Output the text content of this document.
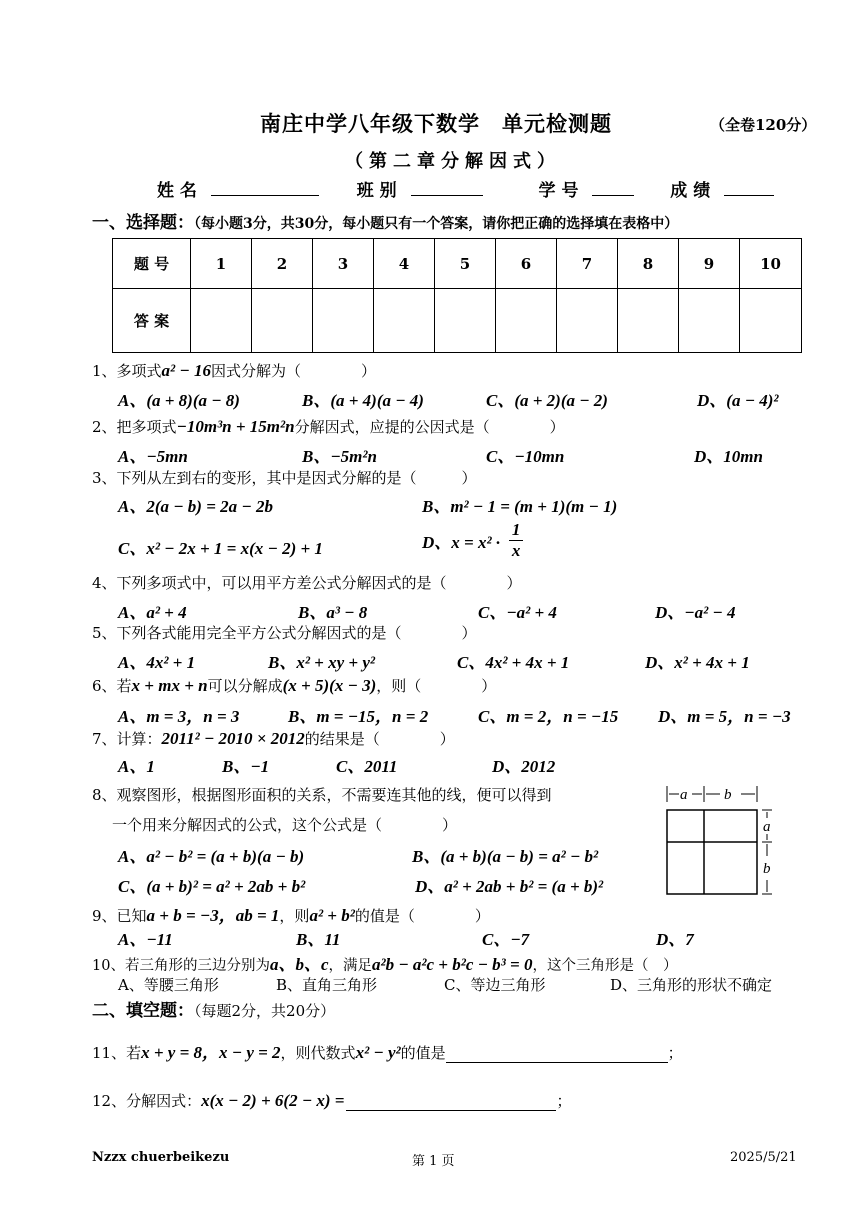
南庄中学八年级下数学　单元检测题	（全卷120分）
（第二章分解因式）
姓 名	班 别	学 号	成 绩
一、选择题：（每小题3分，共30分，每小题只有一个答案，请你把正确的选择填在表格中）
题 号	1	2	3	4	5	6	7	8	9	10
答 案										
1、多项式a² − 16因式分解为（　　　　）
A、(a + 8)(a − 8)	B、(a + 4)(a − 4)	C、(a + 2)(a − 2)	D、(a − 4)²
2、把多项式−10m³n + 15m²n分解因式，应提的公因式是（　　　　）
A、−5mn	B、−5m²n	C、−10mn	D、10mn
3、下列从左到右的变形，其中是因式分解的是（　　　）
A、2(a − b) = 2a − 2b	B、m² − 1 = (m + 1)(m − 1)
C、x² − 2x + 1 = x(x − 2) + 1	D、$x = x^2 \cdot \frac{1}{x}$
4、下列多项式中，可以用平方差公式分解因式的是（　　　　）
A、a² + 4	B、a³ − 8	C、−a² + 4	D、−a² − 4
5、下列各式能用完全平方公式分解因式的是（　　　　）
A、4x² + 1	B、x² + xy + y²	C、4x² + 4x + 1	D、x² + 4x + 1
6、若x + mx + n可以分解成(x + 5)(x − 3)，则（　　　　）
A、m = 3，n = 3	B、m = −15，n = 2	C、m = 2，n = −15 D、m = 5，n = −3
7、计算：2011² − 2010 × 2012的结果是（　　　　）
A、1	B、−1	C、2011	D、2012
8、观察图形，根据图形面积的关系，不需要连其他的线，便可以得到
一个用来分解因式的公式，这个公式是（　　　　）
A、a² − b² = (a + b)(a − b)	B、(a + b)(a − b) = a² − b²
C、(a + b)² = a² + 2ab + b²	D、a² + 2ab + b² = (a + b)²
a b
a
b
9、已知a + b = −3，ab = 1，则a² + b²的值是（　　　　）
A、−11	B、11	C、−7	D、7
10、若三角形的三边分别为a、b、c，满足a²b − a²c + b²c − b³ = 0，这个三角形是（　）
A、等腰三角形	B、直角三角形	C、等边三角形	D、三角形的形状不确定
二、填空题：（每题2分，共20分）
11、若x + y = 8，x − y = 2，则代数式x² − y²的值是	；
12、分解因式：x(x − 2) + 6(2 − x) =	；
Nzzx chuerbeikezu	第 1 页	2025/5/21
